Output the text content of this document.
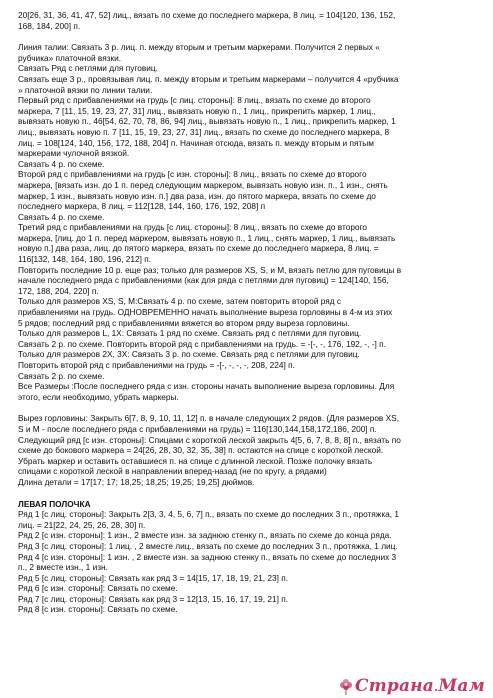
20[26, 31, 36, 41, 47, 52] лиц., вязать по схеме до последнего маркера, 8 лиц. = 104[120, 136, 152,
168, 184, 200] п.
Линия талии: Связать 3 р. лиц. п. между вторым и третьим маркерами. Получится 2 первых «
рубчика» платочной вязки.
Связать Ряд с петлями для пуговиц.
Связать еще 3 р., провязывая лиц. п. между вторым и третьим маркерами – получится 4 «рубчика
» платочной вязки по линии талии.
Первый ряд с прибавлениями на грудь [с лиц. стороны]: 8 лиц., вязать по схеме до второго
маркера, 7 [11, 15, 19, 23, 27, 31] лиц., вывязать новую п., 1 лиц., прикрепить маркер, 1 лиц.,
вывязать новую п., 46[54, 62, 70, 78, 86, 94] лиц., вывязать новую п., 1 лиц., прикрепить маркер, 1
лиц., вывязать новую п. 7 [11, 15, 19, 23, 27, 31] лиц., вязать по схеме до последнего маркера, 8
лиц. = 108[124, 140, 156, 172, 188, 204] п. Начиная отсюда, вязать п. между вторым и пятым
маркерами чулочной вязкой.
Связать 4 р. по схеме.
Второй ряд с прибавлениями на грудь [с изн. стороны]: 8 лиц., вязать по схеме до второго
маркера, [вязать изн. до 1 п. перед следующим маркером, вывязать новую изн. п., 1 изн., снять
маркер, 1 изн., вывязать новую изн. п.] два раза, изн. до пятого маркера, вязать по схеме до
последнего маркера, 8 лиц. = 112[128, 144, 160, 176, 192, 208] п
Связать 4 р. по схеме.
Третий ряд с прибавлениями на грудь [с лиц. стороны]: 8 лиц., вязать по схеме до второго
маркера, [лиц. до 1 п. перед маркером, вывязать новую п., 1 лиц., снять маркер, 1 лиц., вывязать
новую п.] два раза, лиц. до пятого маркера, вязать по схеме до последнего маркера, 8 лиц. =
116[132, 148, 164, 180, 196, 212] п.
Повторить последние 10 р. еще раз; только для размеров XS, S, и M, вязать петлю для пуговицы в
начале последнего ряда с прибавлениями (как для ряда с петлями для пуговиц) = 124[140, 156,
172, 188, 204, 220] п.
Только для размеров XS, S, M:Связать 4 р. по схеме, затем повторить второй ряд с
прибавлениями на грудь. ОДНОВРЕМЕННО начать выполнение выреза горловины в 4-м из этих
5 рядов; последний ряд с прибавлениями вяжется во втором ряду выреза горловины.
Только для размеров L, 1X: Связать 1 ряд по схеме. Связать ряд с петлями для пуговиц.
Связать 2 р. по схеме. Повторить второй ряд с прибавлениями на грудь. = -[-, -, 176, 192, -, -] п.
Только для размеров 2X, 3X: Связать 3 р. по схеме. Связать ряд с петлями для пуговиц.
Повторить второй ряд с прибавлениями на грудь = -[-, -, -, -, 208, 224] п.
Связать 2 р. по схеме.
Все Размеры :После последнего ряда с изн. стороны начать выполнение выреза горловины. Для
этого, если необходимо, убрать маркеры.
Вырез горловины: Закрыть 6[7, 8, 9, 10, 11, 12] п. в начале следующих 2 рядов. (Для размеров XS,
S и M - после последнего ряда с прибавлениями на грудь) = 116[130,144,158,172,186, 200] п.
Следующий ряд [с изн. стороны]: Спицами с короткой леской закрыть 4[5, 6, 7, 8, 8, 8] п., вязать по
схеме до бокового маркера = 24[26, 28, 30, 32, 35, 38] п. остаются на спице с короткой леской.
Убрать маркер и оставить оставшиеся п. на спице с длинной леской. Позже полочку вязать
спицами с короткой леской в направлении вперед-назад (не по кругу, а рядами)
Длина детали = 17[17; 17; 18,25; 18,25; 19,25; 19,25] дюймов.
ЛЕВАЯ ПОЛОЧКА
Ряд 1 [с лиц. стороны]: Закрыть 2[3, 3, 4, 5, 6, 7] п., вязать по схеме до последних 3 п., протяжка, 1
лиц. = 21[22, 24, 25, 26, 28, 30] п.
Ряд 2 [с изн. стороны]: 1 изн., 2 вместе изн. за заднюю стенку п., вязать по схеме до конца ряда.
Ряд 3 [с лиц. стороны]: 1 лиц. , 2 вместе лиц., вязать по схеме до последних 3 п., протяжка, 1 лиц.
Ряд 4 [с изн. стороны]: 1 изн. , 2 вместе изн. за заднюю стенку п., вязать по схеме до последних 3
п., 2 вместе изн., 1 изн.
Ряд 5 [с лиц. стороны]: Связать как ряд 3 = 14[15, 17, 18, 19, 21, 23] п.
Ряд 6 [с изн. стороны]: Связать по схеме.
Ряд 7 [с лиц. стороны]: Связать как ряд 3 = 12[13, 15, 16, 17, 19, 21] п.
Ряд 8 [с изн. стороны]: Связать по схеме.
Страна.Мам
